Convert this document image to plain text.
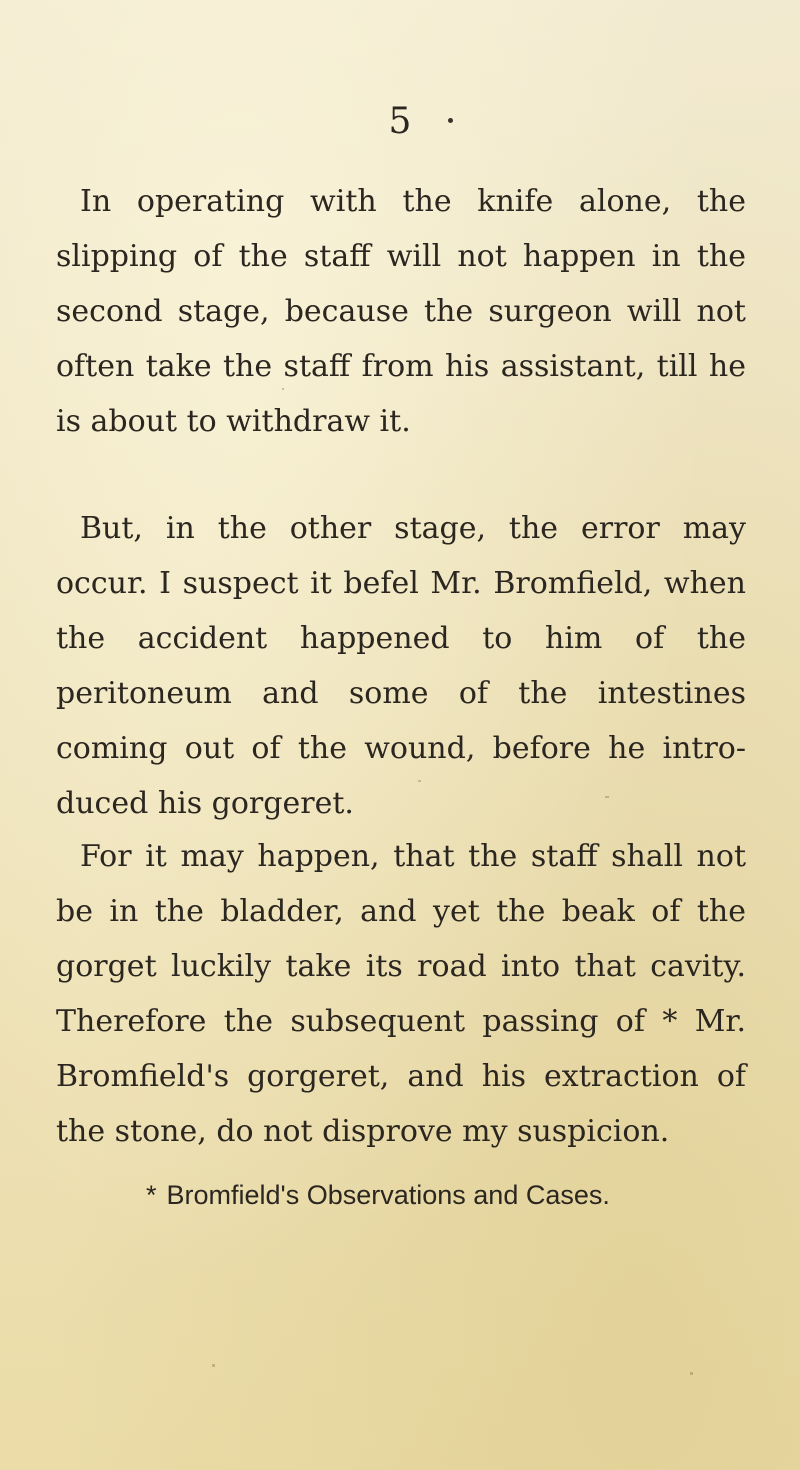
5

In operating with the knife alone, the slipping of the staff will not happen in the second stage, because the surgeon will not often take the staff from his assistant, till he is about to withdraw it.

But, in the other stage, the error may occur. I suspect it befel Mr. Bromfield, when the accident happened to him of the peritoneum and some of the intestines coming out of the wound, before he intro- duced his gorgeret.

For it may happen, that the staff shall not be in the bladder, and yet the beak of the gorget luckily take its road into that cavity. Therefore the subsequent passing of * Mr. Bromfield's gorgeret, and his extraction of the stone, do not disprove my suspicion.

* Bromfield's Observations and Cases.
